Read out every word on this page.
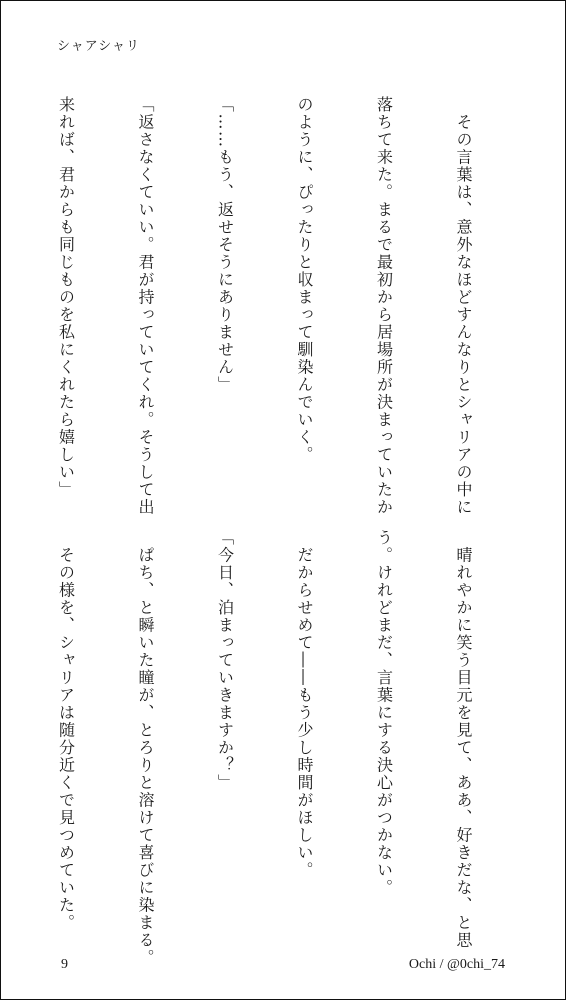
シャアシャリ

　その言葉は、意外なほどすんなりとシャリアの中に

落ちて来た。まるで最初から居場所が決まっていたか

のように、ぴったりと収まって馴染んでいく。

「……もう、返せそうにありません」

「返さなくていい。君が持っていてくれ。そうして出

来れば、君からも同じものを私にくれたら嬉しい」

　晴れやかに笑う目元を見て、ああ、好きだな、と思

う。けれどまだ、言葉にする決心がつかない。

　だからせめて――もう少し時間がほしい。

「今日、泊まっていきますか？」

　ぱち、と瞬いた瞳が、とろりと溶けて喜びに染まる。

　その様を、シャリアは随分近くで見つめていた。

9	Ochi / @0chi_74
